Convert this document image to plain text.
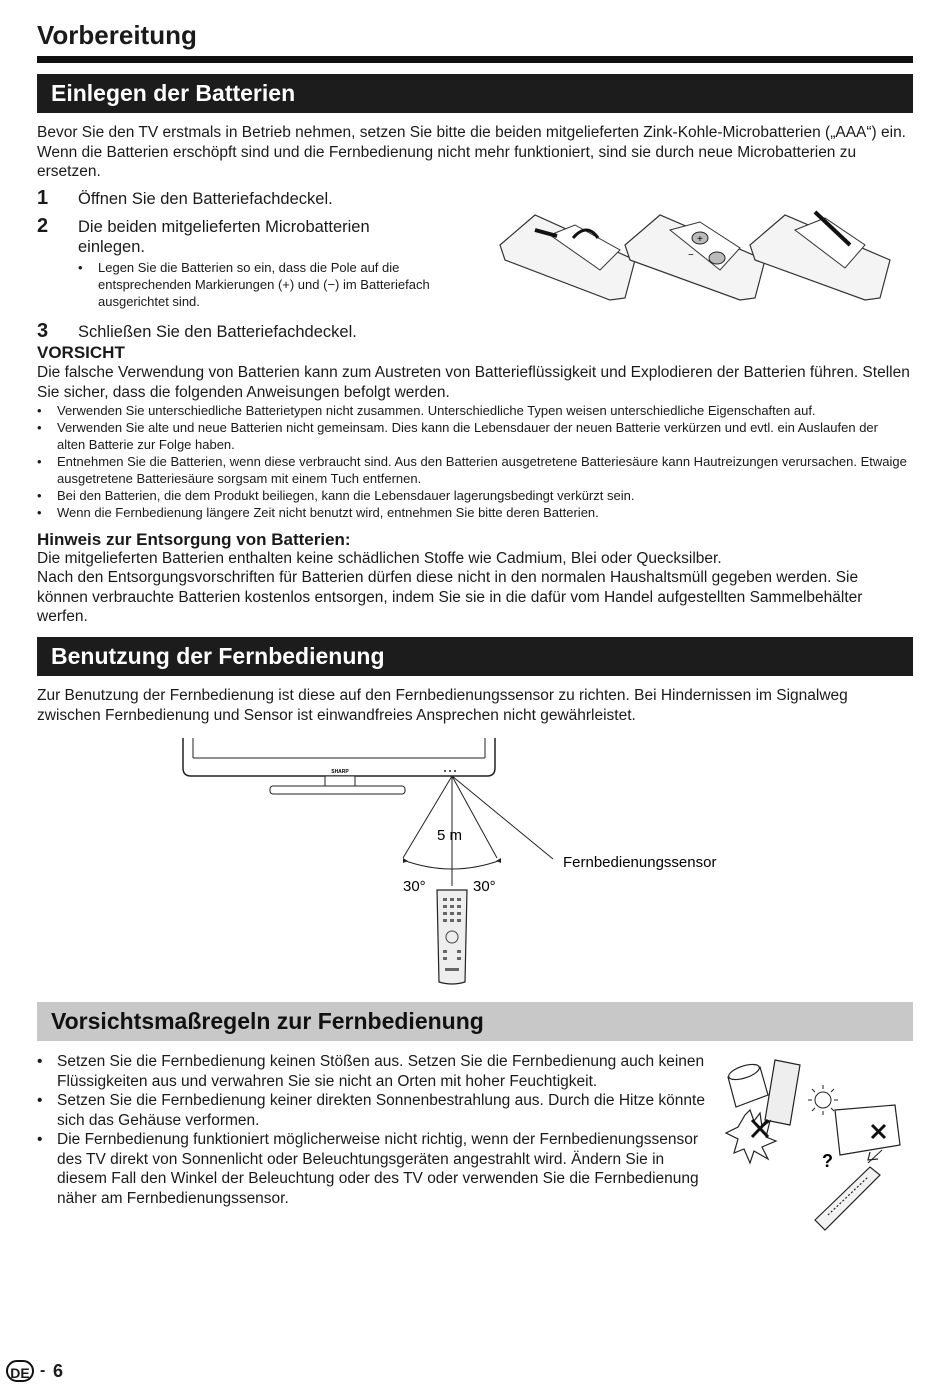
Vorbereitung
Einlegen der Batterien

Bevor Sie den TV erstmals in Betrieb nehmen, setzen Sie bitte die beiden mitgelieferten Zink-Kohle-Microbatterien („AAA“) ein. Wenn die Batterien erschöpft sind und die Fernbedienung nicht mehr funktioniert, sind sie durch neue Microbatterien zu ersetzen.

1	Öffnen Sie den Batteriefachdeckel.
2	Die beiden mitgelieferten Microbatterien einlegen.
• Legen Sie die Batterien so ein, dass die Pole auf die entsprechenden Markierungen (+) und (−) im Batteriefach ausgerichtet sind.
3	Schließen Sie den Batteriefachdeckel.
+
−
VORSICHT

Die falsche Verwendung von Batterien kann zum Austreten von Batterieflüssigkeit und Explodieren der Batterien führen. Stellen Sie sicher, dass die folgenden Anweisungen befolgt werden.

• Verwenden Sie unterschiedliche Batterietypen nicht zusammen. Unterschiedliche Typen weisen unterschiedliche Eigenschaften auf.
• Verwenden Sie alte und neue Batterien nicht gemeinsam. Dies kann die Lebensdauer der neuen Batterie verkürzen und evtl. ein Auslaufen der alten Batterie zur Folge haben.
• Entnehmen Sie die Batterien, wenn diese verbraucht sind. Aus den Batterien ausgetretene Batteriesäure kann Hautreizungen verursachen. Etwaige ausgetretene Batteriesäure sorgsam mit einem Tuch entfernen.
• Bei den Batterien, die dem Produkt beiliegen, kann die Lebensdauer lagerungsbedingt verkürzt sein.
• Wenn die Fernbedienung längere Zeit nicht benutzt wird, entnehmen Sie bitte deren Batterien.
Hinweis zur Entsorgung von Batterien:

Die mitgelieferten Batterien enthalten keine schädlichen Stoffe wie Cadmium, Blei oder Quecksilber.

Nach den Entsorgungsvorschriften für Batterien dürfen diese nicht in den normalen Haushaltsmüll gegeben werden. Sie können verbrauchte Batterien kostenlos entsorgen, indem Sie sie in die dafür vom Handel aufgestellten Sammelbehälter werfen.

Benutzung der Fernbedienung

Zur Benutzung der Fernbedienung ist diese auf den Fernbedienungssensor zu richten. Bei Hindernissen im Signalweg zwischen Fernbedienung und Sensor ist einwandfreies Ansprechen nicht gewährleistet.

SHARP
5 m
30°	30°
Fernbedienungssensor
Vorsichtsmaßregeln zur Fernbedienung
• Setzen Sie die Fernbedienung keinen Stößen aus. Setzen Sie die Fernbedienung auch keinen Flüssigkeiten aus und verwahren Sie sie nicht an Orten mit hoher Feuchtigkeit.
• Setzen Sie die Fernbedienung keiner direkten Sonnenbestrahlung aus. Durch die Hitze könnte sich das Gehäuse verformen.
• Die Fernbedienung funktioniert möglicherweise nicht richtig, wenn der Fernbedienungssensor des TV direkt von Sonnenlicht oder Beleuchtungsgeräten angestrahlt wird. Ändern Sie in diesem Fall den Winkel der Beleuchtung oder des TV oder verwenden Sie die Fernbedienung näher am Fernbedienungssensor.
?
DE - 6
